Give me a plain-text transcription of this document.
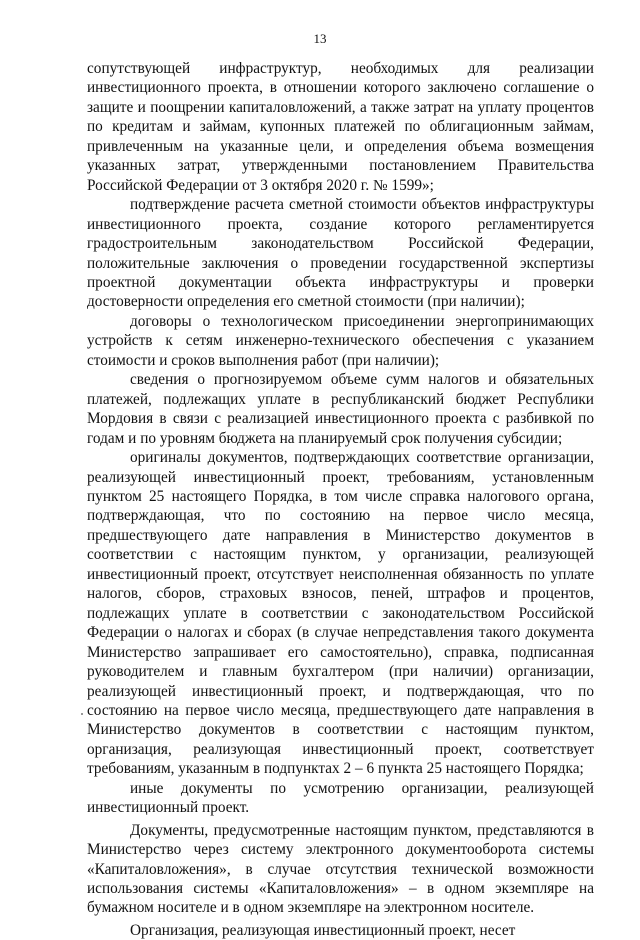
13

сопутствующей инфраструктур, необходимых для реализации инвестиционного проекта, в отношении которого заключено соглашение о защите и поощрении капиталовложений, а также затрат на уплату процентов по кредитам и займам, купонных платежей по облигационным займам, привлеченным на указанные цели, и определения объема возмещения указанных затрат, утвержденными постановлением Правительства Российской Федерации от 3 октября 2020 г. № 1599»;

подтверждение расчета сметной стоимости объектов инфраструктуры инвестиционного проекта, создание которого регламентируется градостроительным законодательством Российской Федерации, положительные заключения о проведении государственной экспертизы проектной документации объекта инфраструктуры и проверки достоверности определения его сметной стоимости (при наличии);

договоры о технологическом присоединении энергопринимающих устройств к сетям инженерно-технического обеспечения с указанием стоимости и сроков выполнения работ (при наличии);

сведения о прогнозируемом объеме сумм налогов и обязательных платежей, подлежащих уплате в республиканский бюджет Республики Мордовия в связи с реализацией инвестиционного проекта с разбивкой по годам и по уровням бюджета на планируемый срок получения субсидии;

оригиналы документов, подтверждающих соответствие организации, реализующей инвестиционный проект, требованиям, установленным пунктом 25 настоящего Порядка, в том числе справка налогового органа, подтверждающая, что по состоянию на первое число месяца, предшествующего дате направления в Министерство документов в соответствии с настоящим пунктом, у организации, реализующей инвестиционный проект, отсутствует неисполненная обязанность по уплате налогов, сборов, страховых взносов, пеней, штрафов и процентов, подлежащих уплате в соответствии с законодательством Российской Федерации о налогах и сборах (в случае непредставления такого документа Министерство запрашивает его самостоятельно), справка, подписанная руководителем и главным бухгалтером (при наличии) организации, реализующей инвестиционный проект, и подтверждающая, что по состоянию на первое число месяца, предшествующего дате направления в Министерство документов в соответствии с настоящим пунктом, организация, реализующая инвестиционный проект, соответствует требованиям, указанным в подпунктах 2 – 6 пункта 25 настоящего Порядка;

иные документы по усмотрению организации, реализующей инвестиционный проект.

Документы, предусмотренные настоящим пунктом, представляются в Министерство через систему электронного документооборота системы «Капиталовложения», в случае отсутствия технической возможности использования системы «Капиталовложения» – в одном экземпляре на бумажном носителе и в одном экземпляре на электронном носителе.

Организация, реализующая инвестиционный проект, несет
